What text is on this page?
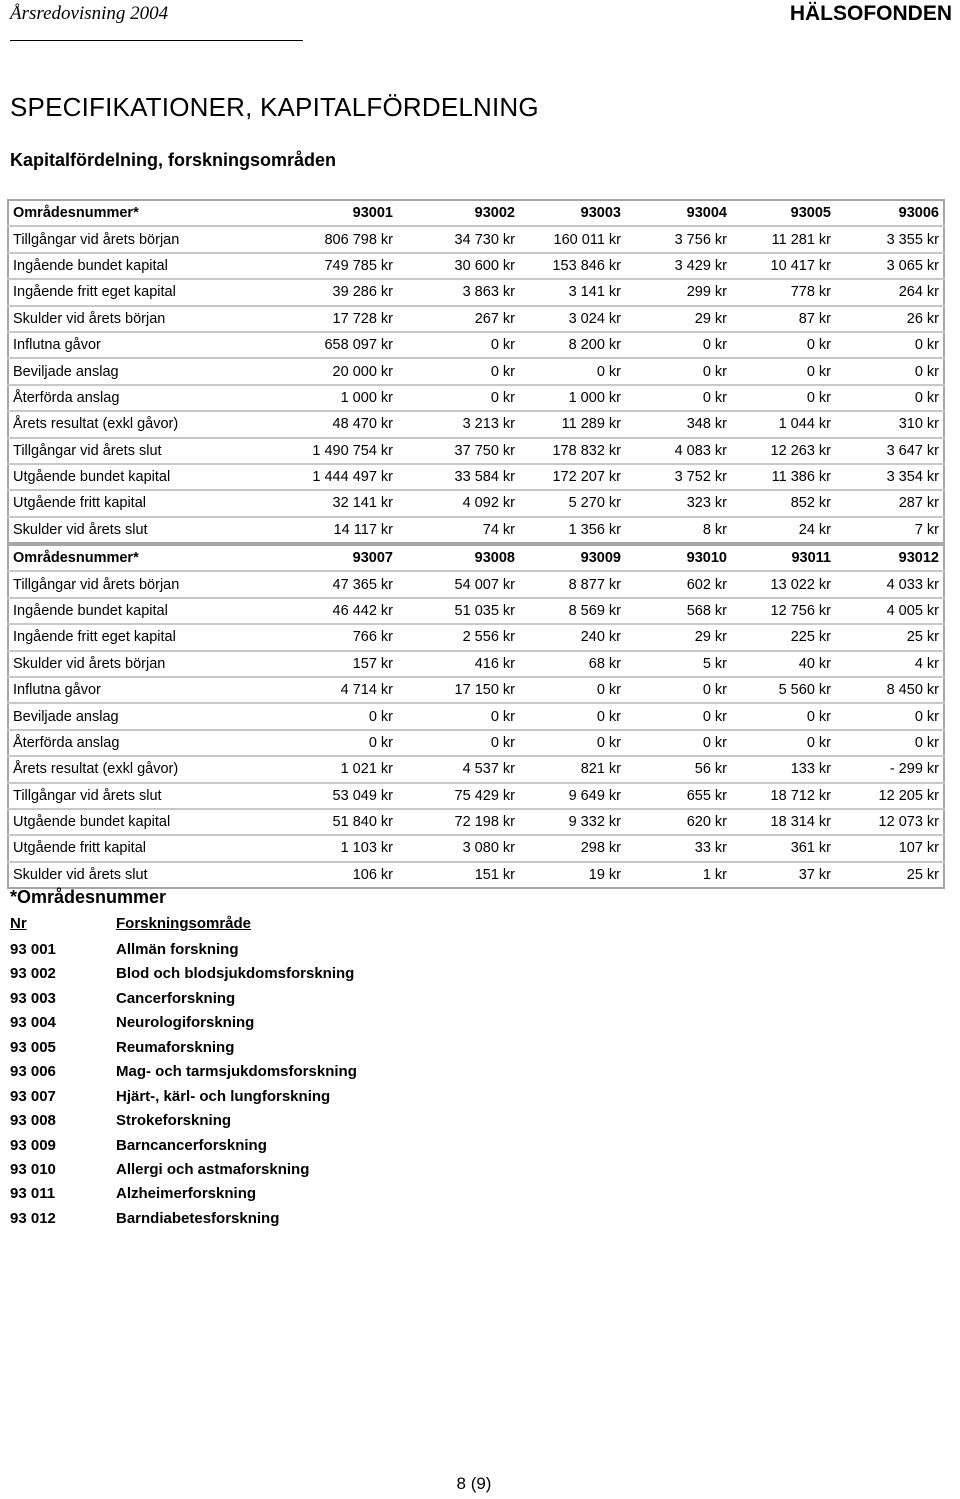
Årsredovisning 2004	HÄLSOFONDEN
SPECIFIKATIONER, KAPITALFÖRDELNING
Kapitalfördelning, forskningsområden
Områdesnummer*	93001	93002	93003	93004	93005	93006
Tillgångar vid årets början	806 798 kr	34 730 kr	160 011 kr	3 756 kr	11 281 kr	3 355 kr
Ingående bundet kapital	749 785 kr	30 600 kr	153 846 kr	3 429 kr	10 417 kr	3 065 kr
Ingående fritt eget kapital	39 286 kr	3 863 kr	3 141 kr	299 kr	778 kr	264 kr
Skulder vid årets början	17 728 kr	267 kr	3 024 kr	29 kr	87 kr	26 kr
Influtna gåvor	658 097 kr	0 kr	8 200 kr	0 kr	0 kr	0 kr
Beviljade anslag	20 000 kr	0 kr	0 kr	0 kr	0 kr	0 kr
Återförda anslag	1 000 kr	0 kr	1 000 kr	0 kr	0 kr	0 kr
Årets resultat (exkl gåvor)	48 470 kr	3 213 kr	11 289 kr	348 kr	1 044 kr	310 kr
Tillgångar vid årets slut	1 490 754 kr	37 750 kr	178 832 kr	4 083 kr	12 263 kr	3 647 kr
Utgående bundet kapital	1 444 497 kr	33 584 kr	172 207 kr	3 752 kr	11 386 kr	3 354 kr
Utgående fritt kapital	32 141 kr	4 092 kr	5 270 kr	323 kr	852 kr	287 kr
Skulder vid årets slut	14 117 kr	74 kr	1 356 kr	8 kr	24 kr	7 kr
Områdesnummer*	93007	93008	93009	93010	93011	93012
Tillgångar vid årets början	47 365 kr	54 007 kr	8 877 kr	602 kr	13 022 kr	4 033 kr
Ingående bundet kapital	46 442 kr	51 035 kr	8 569 kr	568 kr	12 756 kr	4 005 kr
Ingående fritt eget kapital	766 kr	2 556 kr	240 kr	29 kr	225 kr	25 kr
Skulder vid årets början	157 kr	416 kr	68 kr	5 kr	40 kr	4 kr
Influtna gåvor	4 714 kr	17 150 kr	0 kr	0 kr	5 560 kr	8 450 kr
Beviljade anslag	0 kr	0 kr	0 kr	0 kr	0 kr	0 kr
Återförda anslag	0 kr	0 kr	0 kr	0 kr	0 kr	0 kr
Årets resultat (exkl gåvor)	1 021 kr	4 537 kr	821 kr	56 kr	133 kr	- 299 kr
Tillgångar vid årets slut	53 049 kr	75 429 kr	9 649 kr	655 kr	18 712 kr	12 205 kr
Utgående bundet kapital	51 840 kr	72 198 kr	9 332 kr	620 kr	18 314 kr	12 073 kr
Utgående fritt kapital	1 103 kr	3 080 kr	298 kr	33 kr	361 kr	107 kr
Skulder vid årets slut	106 kr	151 kr	19 kr	1 kr	37 kr	25 kr
*Områdesnummer
Nr	Forskningsområde
93 001	Allmän forskning
93 002	Blod och blodsjukdomsforskning
93 003	Cancerforskning
93 004	Neurologiforskning
93 005	Reumaforskning
93 006	Mag- och tarmsjukdomsforskning
93 007	Hjärt-, kärl- och lungforskning
93 008	Strokeforskning
93 009	Barncancerforskning
93 010	Allergi och astmaforskning
93 011	Alzheimerforskning
93 012	Barndiabetesforskning
8 (9)
